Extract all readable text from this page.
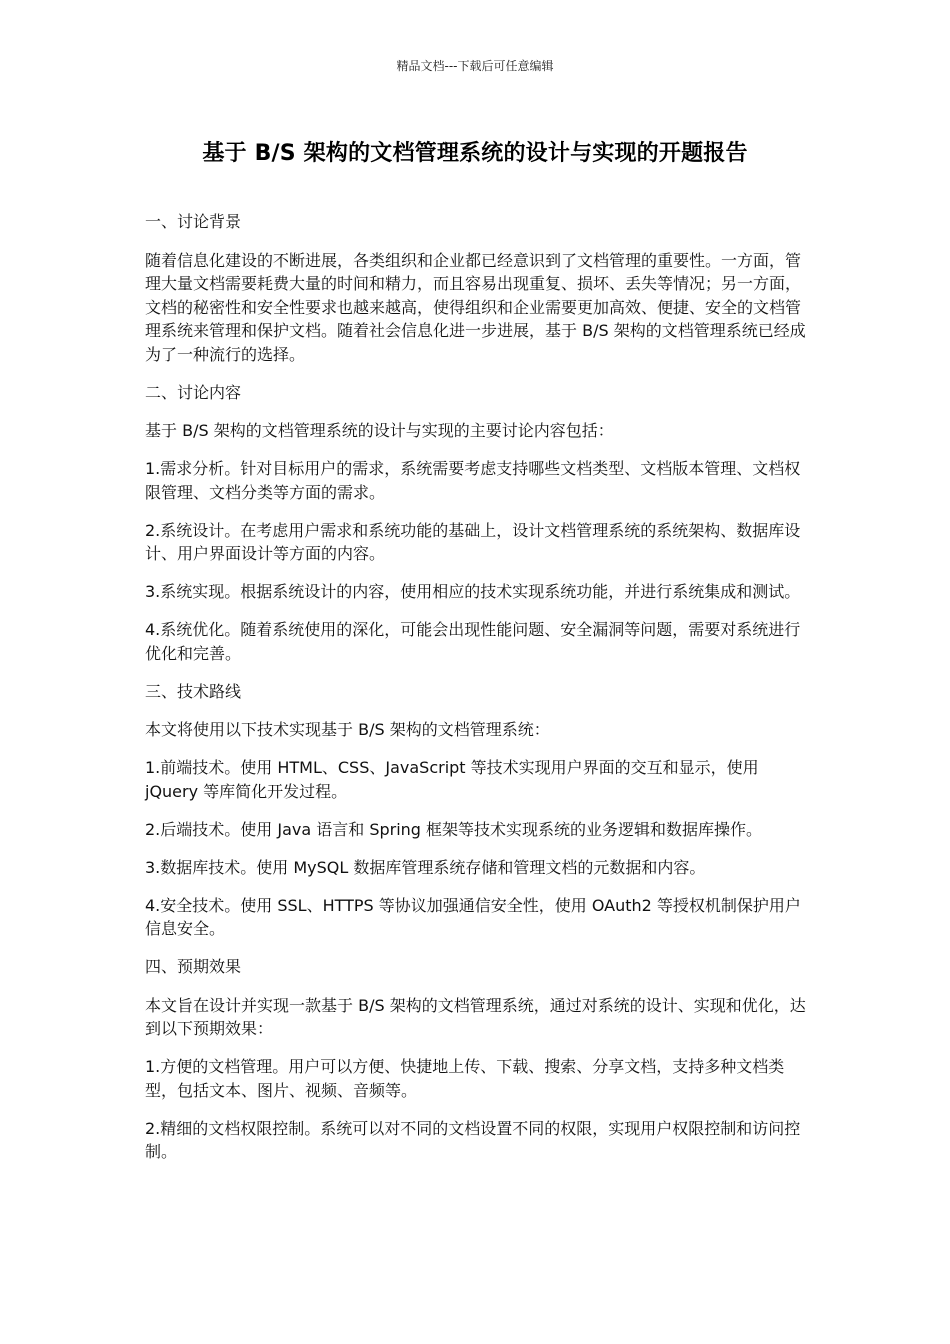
精品文档---下载后可任意编辑
基于 B/S 架构的文档管理系统的设计与实现的开题报告

一、讨论背景

随着信息化建设的不断进展，各类组织和企业都已经意识到了文档管理的重要性。一方面，管理大量文档需要耗费大量的时间和精力，而且容易出现重复、损坏、丢失等情况；另一方面，文档的秘密性和安全性要求也越来越高，使得组织和企业需要更加高效、便捷、安全的文档管理系统来管理和保护文档。随着社会信息化进一步进展，基于 B/S 架构的文档管理系统已经成为了一种流行的选择。

二、讨论内容

基于 B/S 架构的文档管理系统的设计与实现的主要讨论内容包括：

1.需求分析。针对目标用户的需求，系统需要考虑支持哪些文档类型、文档版本管理、文档权限管理、文档分类等方面的需求。

2.系统设计。在考虑用户需求和系统功能的基础上，设计文档管理系统的系统架构、数据库设计、用户界面设计等方面的内容。

3.系统实现。根据系统设计的内容，使用相应的技术实现系统功能，并进行系统集成和测试。

4.系统优化。随着系统使用的深化，可能会出现性能问题、安全漏洞等问题，需要对系统进行优化和完善。

三、技术路线

本文将使用以下技术实现基于 B/S 架构的文档管理系统：

1.前端技术。使用 HTML、CSS、JavaScript 等技术实现用户界面的交互和显示，使用 jQuery 等库简化开发过程。

2.后端技术。使用 Java 语言和 Spring 框架等技术实现系统的业务逻辑和数据库操作。

3.数据库技术。使用 MySQL 数据库管理系统存储和管理文档的元数据和内容。

4.安全技术。使用 SSL、HTTPS 等协议加强通信安全性，使用 OAuth2 等授权机制保护用户信息安全。

四、预期效果

本文旨在设计并实现一款基于 B/S 架构的文档管理系统，通过对系统的设计、实现和优化，达到以下预期效果：

1.方便的文档管理。用户可以方便、快捷地上传、下载、搜索、分享文档，支持多种文档类型，包括文本、图片、视频、音频等。

2.精细的文档权限控制。系统可以对不同的文档设置不同的权限，实现用户权限控制和访问控制。
